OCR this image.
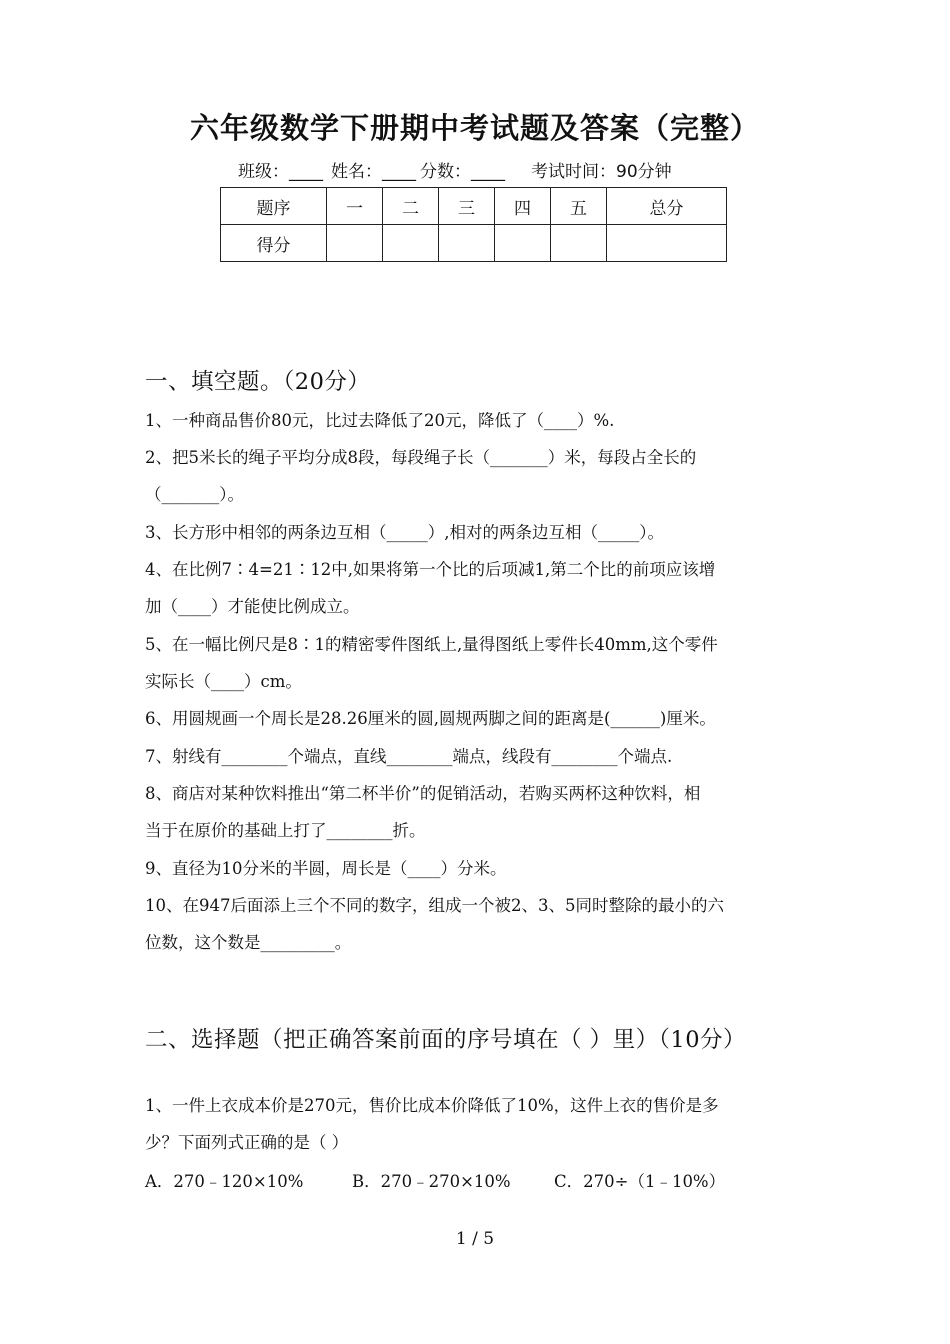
六年级数学下册期中考试题及答案（完整）
班级：____ 姓名：____ 分数：____ 考试时间：90分钟
题序	一	二	三	四	五	总分
得分						
一、填空题。（20分）
1、一种商品售价80元，比过去降低了20元，降低了（____）%.
2、把5米长的绳子平均分成8段，每段绳子长（_______）米，每段占全长的
（_______）。
3、长方形中相邻的两条边互相（_____）,相对的两条边互相（_____）。
4、在比例7∶4=21∶12中,如果将第一个比的后项减1,第二个比的前项应该增
加（____）才能使比例成立。
5、在一幅比例尺是8∶1的精密零件图纸上,量得图纸上零件长40mm,这个零件
实际长（____）cm。
6、用圆规画一个周长是28.26厘米的圆,圆规两脚之间的距离是(______)厘米。
7、射线有________个端点，直线________端点，线段有________个端点.
8、商店对某种饮料推出“第二杯半价”的促销活动，若购买两杯这种饮料，相
当于在原价的基础上打了________折。
9、直径为10分米的半圆，周长是（____）分米。
10、在947后面添上三个不同的数字，组成一个被2、3、5同时整除的最小的六
位数，这个数是_________。
二、选择题（把正确答案前面的序号填在（ ）里）（10分）
1、一件上衣成本价是270元，售价比成本价降低了10%，这件上衣的售价是多
少？下面列式正确的是（ ）
A．270﹣120×10%	B．270﹣270×10%	C．270÷（1﹣10%）
1 / 5
